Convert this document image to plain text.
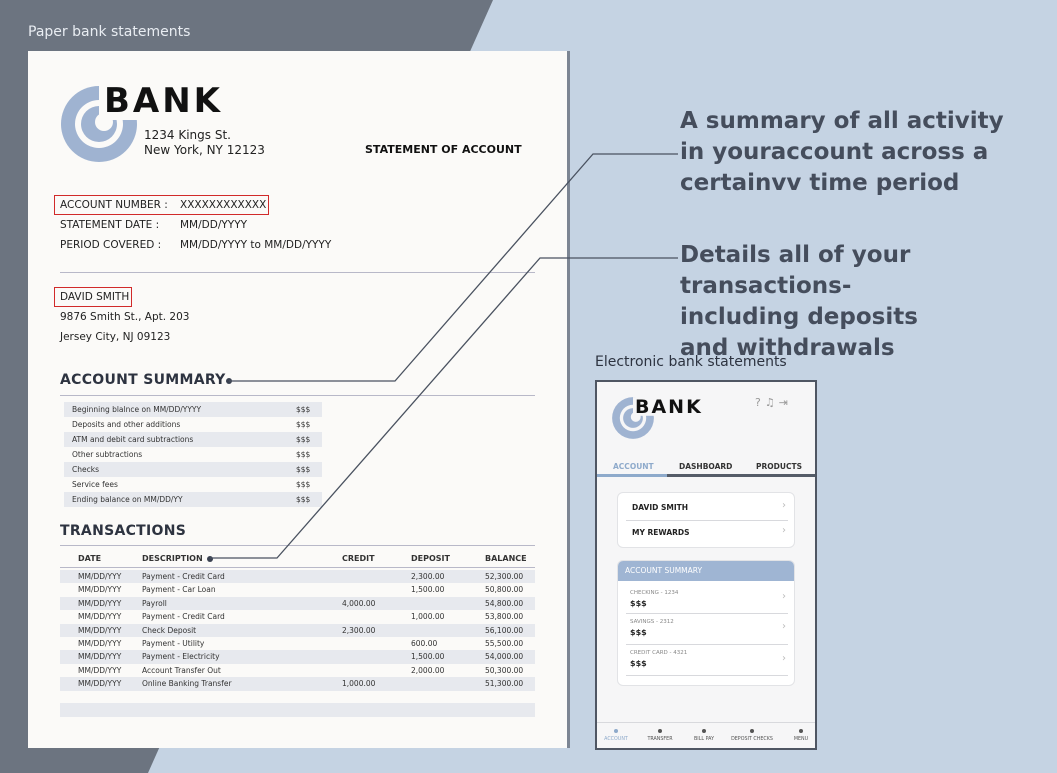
Paper bank statements
BANK
1234 Kings St.
New York, NY 12123	STATEMENT OF ACCOUNT
ACCOUNT NUMBER : XXXXXXXXXXXX
STATEMENT DATE : MM/DD/YYYY
PERIOD COVERED : MM/DD/YYYY to MM/DD/YYYY
DAVID SMITH
9876 Smith St., Apt. 203
Jersey City, NJ 09123
ACCOUNT SUMMARY
Beginning blalnce on MM/DD/YYYY	$$$
Deposits and other additions	$$$
ATM and debit card subtractions	$$$
Other subtractions	$$$
Checks	$$$
Service fees	$$$
Ending balance on MM/DD/YY	$$$
TRANSACTIONS
DATE	DESCRIPTION	CREDIT	DEPOSIT	BALANCE
MM/DD/YYY	Payment - Credit Card	2,300.00	52,300.00
MM/DD/YYY	Payment - Car Loan	1,500.00	50,800.00
MM/DD/YYY	Payroll	4,000.00	54,800.00
MM/DD/YYY	Payment - Credit Card	1,000.00	53,800.00
MM/DD/YYY	Check Deposit	2,300.00	56,100.00
MM/DD/YYY	Payment - Utility	600.00	55,500.00
MM/DD/YYY	Payment - Electricity	1,500.00	54,000.00
MM/DD/YYY	Account Transfer Out	2,000.00	50,300.00
MM/DD/YYY	Online Banking Transfer	1,000.00	51,300.00
A summary of all activity
in youraccount across a
certainvv time period
Details all of your transactions-
including deposits
and withdrawals
Electronic bank statements
BANK	?♫⇥
ACCOUNT	DASHBOARD	PRODUCTS
DAVID SMITH	›
MY REWARDS	›
ACCOUNT SUMMARY
CHECKING - 1234
$$$
›
SAVINGS - 2312
$$$
›
CREDIT CARD - 4321
$$$	›
ACCOUNT	TRANSFER	BILL PAY	DEPOSIT CHECKS	MENU
